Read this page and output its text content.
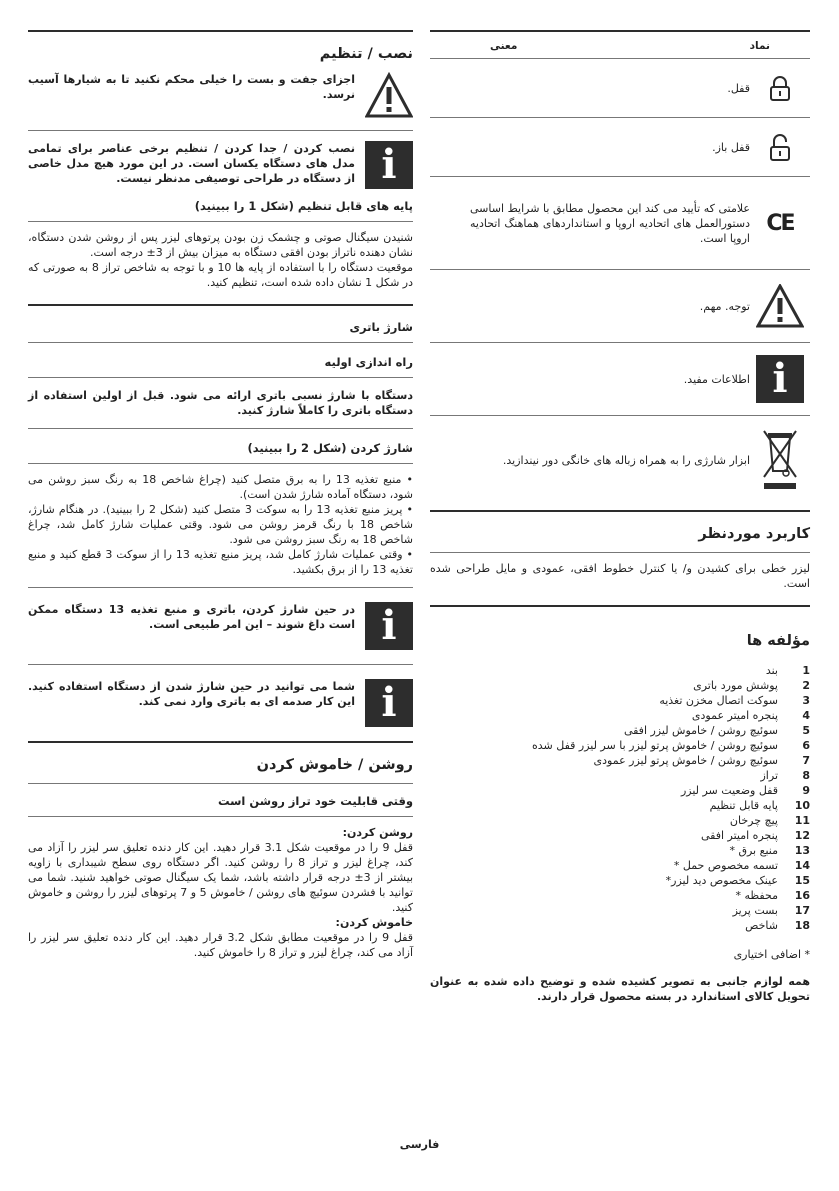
نصب / تنظیم
اجزای جفت و بست را خیلی محکم نکنید تا به شیارها آسیب نرسد.
i
نصب کردن / جدا کردن / تنظیم برخی عناصر برای تمامی مدل های دستگاه یکسان است. در این مورد هیچ مدل خاصی از دستگاه در طراحی توصیفی مدنظر نیست.
پایه های قابل تنظیم (شکل 1 را ببینید)

شنیدن سیگنال صوتی و چشمک زن بودن پرتوهای لیزر پس از روشن شدن دستگاه، نشان دهنده ناتراز بودن افقی دستگاه به میزان بیش از 3± درجه است.

موقعیت دستگاه را با استفاده از پایه ها 10 و با توجه به شاخص تراز 8 به صورتی که در شکل 1 نشان داده شده است، تنظیم کنید.

شارژ باتری
راه اندازی اولیه

دستگاه با شارژ نسبی باتری ارائه می شود. قبل از اولین استفاده از دستگاه باتری را کاملاً شارژ کنید.

شارژ کردن (شکل 2 را ببینید)
• منبع تغذیه 13 را به برق متصل کنید (چراغ شاخص 18 به رنگ سبز روشن می شود، دستگاه آماده شارژ شدن است).
• پریز منبع تغذیه 13 را به سوکت 3 متصل کنید (شکل 2 را ببینید). در هنگام شارژ، شاخص 18 با رنگ قرمز روشن می شود. وقتی عملیات شارژ کامل شد، چراغ شاخص 18 به رنگ سبز روشن می شود.
• وقتی عملیات شارژ کامل شد، پریز منبع تغذیه 13 را از سوکت 3 قطع کنید و منبع تغذیه 13 را از برق بکشید.
i
در حین شارژ کردن، باتری و منبع تغذیه 13 دستگاه ممکن است داغ شوند – این امر طبیعی است.
i
شما می توانید در حین شارژ شدن از دستگاه استفاده کنید. این کار صدمه ای به باتری وارد نمی کند.
روشن / خاموش کردن
وقتی قابلیت خود تراز روشن است

روشن کردن:

قفل 9 را در موقعیت شکل 3.1 قرار دهید. این کار دنده تعلیق سر لیزر را آزاد می کند، چراغ لیزر و تراز 8 را روشن کنید. اگر دستگاه روی سطح شیبداری با زاویه بیشتر از 3± درجه قرار داشته باشد، شما یک سیگنال صوتی خواهید شنید. شما می توانید با فشردن سوئیچ های روشن / خاموش 5 و 7 پرتوهای لیزر را روشن و خاموش کنید.

خاموش کردن:

قفل 9 را در موقعیت مطابق شکل 3.2 قرار دهید. این کار دنده تعلیق سر لیزر را آزاد می کند، چراغ لیزر و تراز 8 را خاموش کنید.

نماد
معنی
قفل.
قفل باز.
CE
علامتی که تأیید می کند این محصول مطابق با شرایط اساسی دستورالعمل های اتحادیه اروپا و استانداردهای هماهنگ اتحادیه اروپا است.
توجه. مهم.
i
اطلاعات مفید.
ابزار شارژی را به همراه زباله های خانگی دور نیندازید.
کاربرد موردنظر

لیزر خطی برای کشیدن و/ یا کنترل خطوط افقی، عمودی و مایل طراحی شده است.

مؤلفه ها
1
بند
2
پوشش مورد باتری
3
سوکت اتصال مخزن تغذیه
4
پنجره امیتر عمودی
5
سوئیچ روشن / خاموش لیزر افقی
6
سوئیچ روشن / خاموش پرتو لیزر با سر لیزر قفل شده
7
سوئیچ روشن / خاموش پرتو لیزر عمودی
8
تراز
9
قفل وضعیت سر لیزر
10
پایه قابل تنظیم
11
پیچ چرخان
12
پنجره امیتر افقی
13
منبع برق *
14
تسمه مخصوص حمل *
15
عینک مخصوص دید لیزر*
16
محفظه *
17
بست پریز
18
شاخص

* اضافی اختیاری

همه لوازم جانبی به تصویر کشیده شده و توضیح داده شده به عنوان تحویل کالای استاندارد در بسته محصول قرار دارند.

فارسی
